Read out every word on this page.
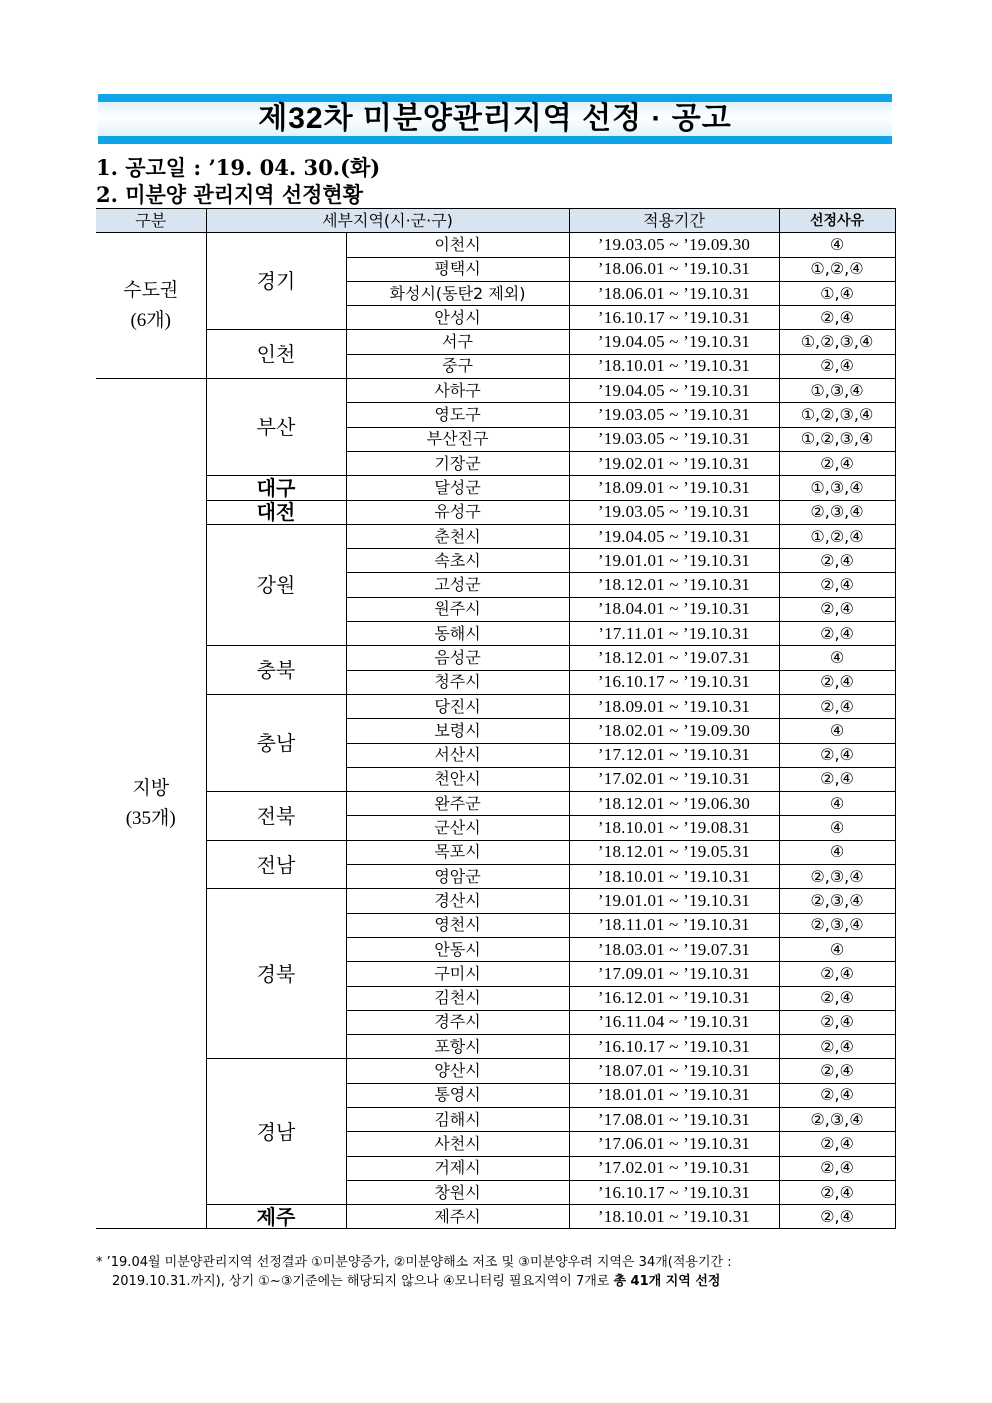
제32차 미분양관리지역 선정 · 공고
1. 공고일 : ’19. 04. 30.(화)
2. 미분양 관리지역 선정현황
구분	세부지역(시·군·구)		적용기간	선정사유

수도권
(6개)	경기	이천시	’19.03.05 ~ ’19.09.30	④
		평택시	’18.06.01 ~ ’19.10.31	①,②,④
		화성시(동탄2 제외)	’18.06.01 ~ ’19.10.31	①,④
		안성시	’16.10.17 ~ ’19.10.31	②,④
	인천	서구	’19.04.05 ~ ’19.10.31	①,②,③,④
		중구	’18.10.01 ~ ’19.10.31	②,④

지방
(35개)	부산	사하구	’19.04.05 ~ ’19.10.31	①,③,④
		영도구	’19.03.05 ~ ’19.10.31	①,②,③,④
		부산진구	’19.03.05 ~ ’19.10.31	①,②,③,④
		기장군	’19.02.01 ~ ’19.10.31	②,④
	대구	달성군	’18.09.01 ~ ’19.10.31	①,③,④
	대전	유성구	’19.03.05 ~ ’19.10.31	②,③,④
	강원	춘천시	’19.04.05 ~ ’19.10.31	①,②,④
		속초시	’19.01.01 ~ ’19.10.31	②,④
		고성군	’18.12.01 ~ ’19.10.31	②,④
		원주시	’18.04.01 ~ ’19.10.31	②,④
		동해시	’17.11.01 ~ ’19.10.31	②,④
	충북	음성군	’18.12.01 ~ ’19.07.31	④
		청주시	’16.10.17 ~ ’19.10.31	②,④
	충남	당진시	’18.09.01 ~ ’19.10.31	②,④
		보령시	’18.02.01 ~ ’19.09.30	④
		서산시	’17.12.01 ~ ’19.10.31	②,④
		천안시	’17.02.01 ~ ’19.10.31	②,④
	전북	완주군	’18.12.01 ~ ’19.06.30	④
		군산시	’18.10.01 ~ ’19.08.31	④
	전남	목포시	’18.12.01 ~ ’19.05.31	④
		영암군	’18.10.01 ~ ’19.10.31	②,③,④
	경북	경산시	’19.01.01 ~ ’19.10.31	②,③,④
		영천시	’18.11.01 ~ ’19.10.31	②,③,④
		안동시	’18.03.01 ~ ’19.07.31	④
		구미시	’17.09.01 ~ ’19.10.31	②,④
		김천시	’16.12.01 ~ ’19.10.31	②,④
		경주시	’16.11.04 ~ ’19.10.31	②,④
		포항시	’16.10.17 ~ ’19.10.31	②,④
	경남	양산시	’18.07.01 ~ ’19.10.31	②,④
		통영시	’18.01.01 ~ ’19.10.31	②,④
		김해시	’17.08.01 ~ ’19.10.31	②,③,④
		사천시	’17.06.01 ~ ’19.10.31	②,④
		거제시	’17.02.01 ~ ’19.10.31	②,④
		창원시	’16.10.17 ~ ’19.10.31	②,④
	제주	제주시	’18.10.01 ~ ’19.10.31	②,④
* ’19.04월 미분양관리지역 선정결과 ①미분양증가, ②미분양해소 저조 및 ③미분양우려 지역은 34개(적용기간 :
2019.10.31.까지), 상기 ①~③기준에는 해당되지 않으나 ④모니터링 필요지역이 7개로 총 41개 지역 선정
